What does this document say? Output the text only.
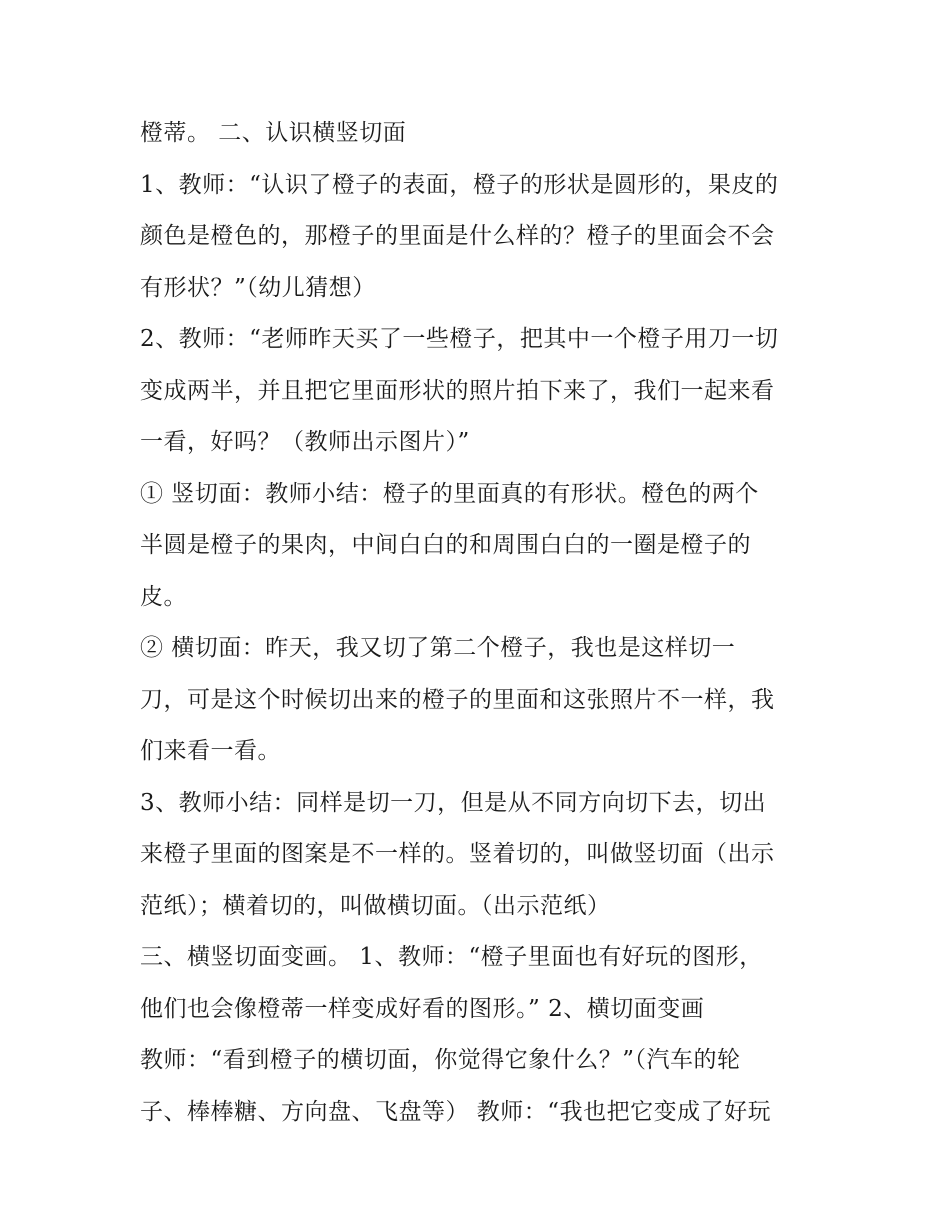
橙蒂。 二、认识横竖切面
1、教师：“认识了橙子的表面，橙子的形状是圆形的，果皮的
颜色是橙色的，那橙子的里面是什么样的？橙子的里面会不会
有形状？”（幼儿猜想）
2、教师：“老师昨天买了一些橙子，把其中一个橙子用刀一切
变成两半，并且把它里面形状的照片拍下来了，我们一起来看
一看，好吗？（教师出示图片）”
① 竖切面：教师小结：橙子的里面真的有形状。橙色的两个
半圆是橙子的果肉，中间白白的和周围白白的一圈是橙子的
皮。
② 横切面：昨天，我又切了第二个橙子，我也是这样切一
刀，可是这个时候切出来的橙子的里面和这张照片不一样，我
们来看一看。
3、教师小结：同样是切一刀，但是从不同方向切下去，切出
来橙子里面的图案是不一样的。竖着切的，叫做竖切面（出示
范纸）；横着切的，叫做横切面。（出示范纸）
三、横竖切面变画。 1、教师：“橙子里面也有好玩的图形，
他们也会像橙蒂一样变成好看的图形。” 2、横切面变画
教师：“看到橙子的横切面，你觉得它象什么？”（汽车的轮
子、棒棒糖、方向盘、飞盘等） 教师：“我也把它变成了好玩
